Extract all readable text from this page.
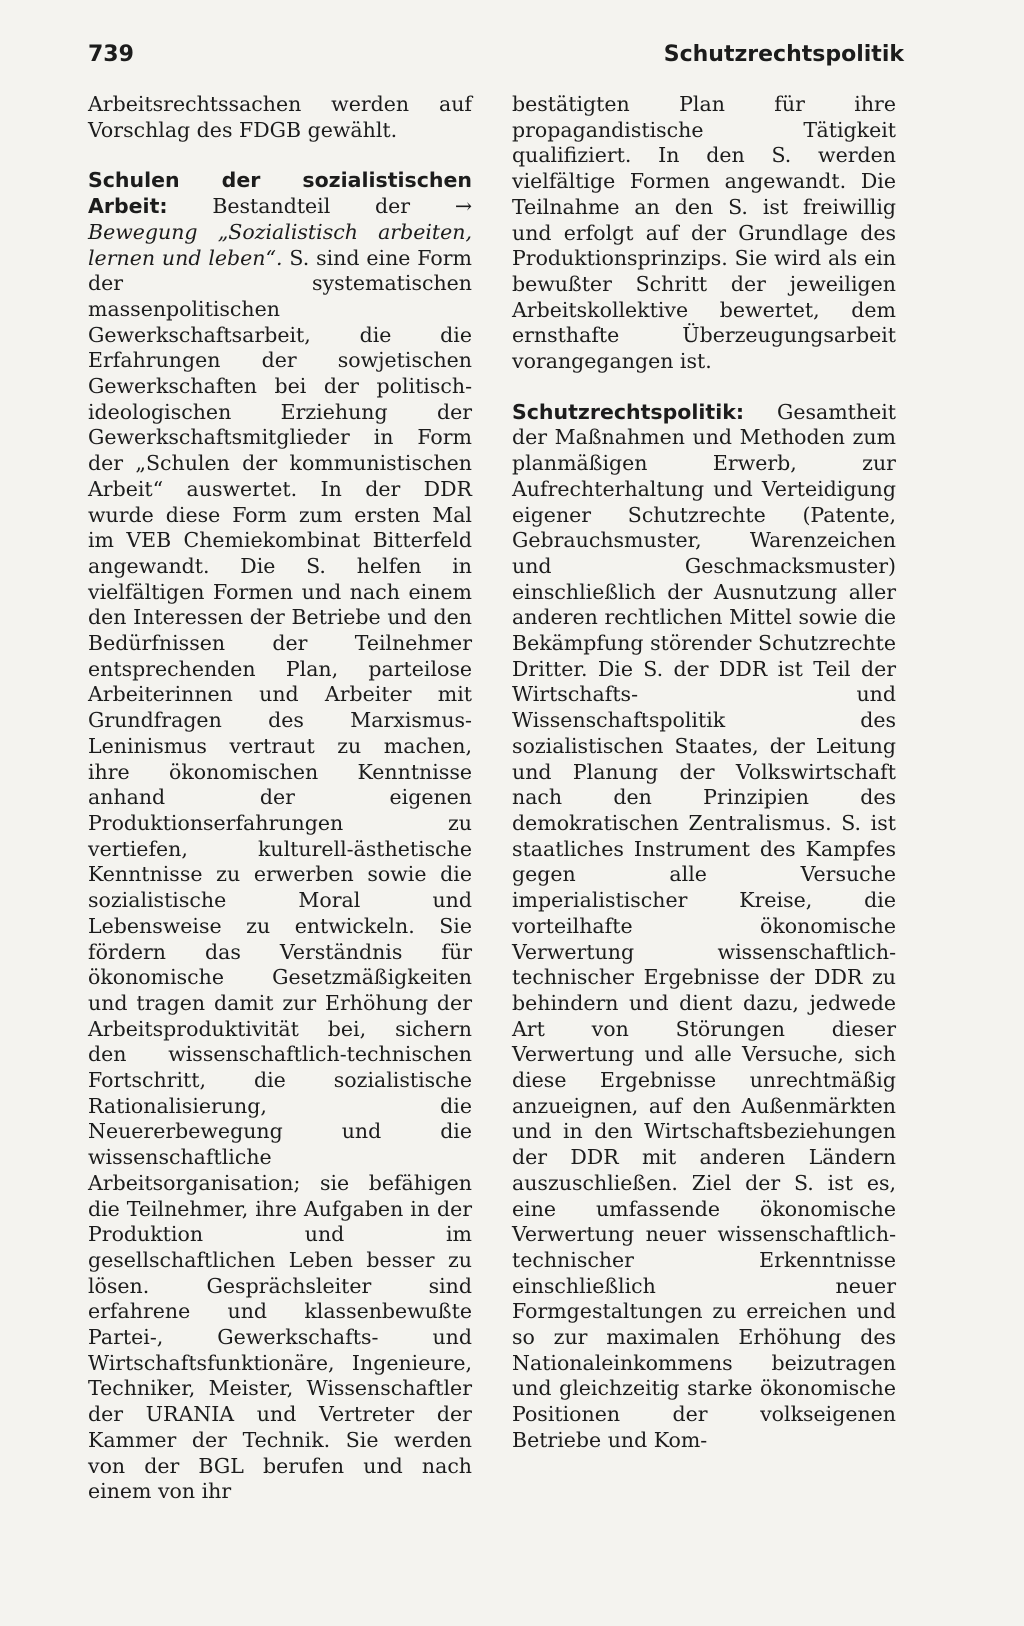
739	Schutzrechtspolitik

Arbeitsrechtssachen werden auf Vorschlag des FDGB gewählt.

Schulen der sozialistischen Arbeit: Bestandteil der → Bewegung „Sozialistisch arbeiten, lernen und leben“. S. sind eine Form der systematischen massenpolitischen Gewerkschaftsarbeit, die die Erfahrungen der sowjetischen Gewerkschaften bei der politisch-ideologischen Erziehung der Gewerkschaftsmitglieder in Form der „Schulen der kommunistischen Arbeit“ auswertet. In der DDR wurde diese Form zum ersten Mal im VEB Chemiekombinat Bitterfeld angewandt. Die S. helfen in vielfältigen Formen und nach einem den Interessen der Betriebe und den Bedürfnissen der Teilnehmer entsprechenden Plan, parteilose Arbeiterinnen und Arbeiter mit Grundfragen des Marxismus-Leninismus vertraut zu machen, ihre ökonomischen Kenntnisse anhand der eigenen Produktionserfahrungen zu vertiefen, kulturell-ästhetische Kenntnisse zu erwerben sowie die sozialistische Moral und Lebensweise zu entwickeln. Sie fördern das Verständnis für ökonomische Gesetzmäßigkeiten und tragen damit zur Erhöhung der Arbeitsproduktivität bei, sichern den wissenschaftlich-technischen Fortschritt, die sozialistische Rationalisierung, die Neuererbewegung und die wissenschaftliche Arbeitsorganisation; sie befähigen die Teilnehmer, ihre Aufgaben in der Produktion und im gesellschaftlichen Leben besser zu lösen. Gesprächsleiter sind erfahrene und klassenbewußte Partei-, Gewerkschafts- und Wirtschaftsfunktionäre, Ingenieure, Techniker, Meister, Wissenschaftler der URANIA und Vertreter der Kammer der Technik. Sie werden von der BGL berufen und nach einem von ihr

bestätigten Plan für ihre propagandistische Tätigkeit qualifiziert. In den S. werden vielfältige Formen angewandt. Die Teilnahme an den S. ist freiwillig und erfolgt auf der Grundlage des Produktionsprinzips. Sie wird als ein bewußter Schritt der jeweiligen Arbeitskollektive bewertet, dem ernsthafte Überzeugungsarbeit vorangegangen ist.

Schutzrechtspolitik: Gesamtheit der Maßnahmen und Methoden zum planmäßigen Erwerb, zur Aufrechterhaltung und Verteidigung eigener Schutzrechte (Patente, Gebrauchsmuster, Warenzeichen und Geschmacksmuster) einschließlich der Ausnutzung aller anderen rechtlichen Mittel sowie die Bekämpfung störender Schutzrechte Dritter. Die S. der DDR ist Teil der Wirtschafts- und Wissenschaftspolitik des sozialistischen Staates, der Leitung und Planung der Volkswirtschaft nach den Prinzipien des demokratischen Zentralismus. S. ist staatliches Instrument des Kampfes gegen alle Versuche imperialistischer Kreise, die vorteilhafte ökonomische Verwertung wissenschaftlich-technischer Ergebnisse der DDR zu behindern und dient dazu, jedwede Art von Störungen dieser Verwertung und alle Versuche, sich diese Ergebnisse unrechtmäßig anzueignen, auf den Außenmärkten und in den Wirtschaftsbeziehungen der DDR mit anderen Ländern auszuschließen. Ziel der S. ist es, eine umfassende ökonomische Verwertung neuer wissenschaftlich-technischer Erkenntnisse einschließlich neuer Formgestaltungen zu erreichen und so zur maximalen Erhöhung des Nationaleinkommens beizutragen und gleichzeitig starke ökonomische Positionen der volkseigenen Betriebe und Kom-
